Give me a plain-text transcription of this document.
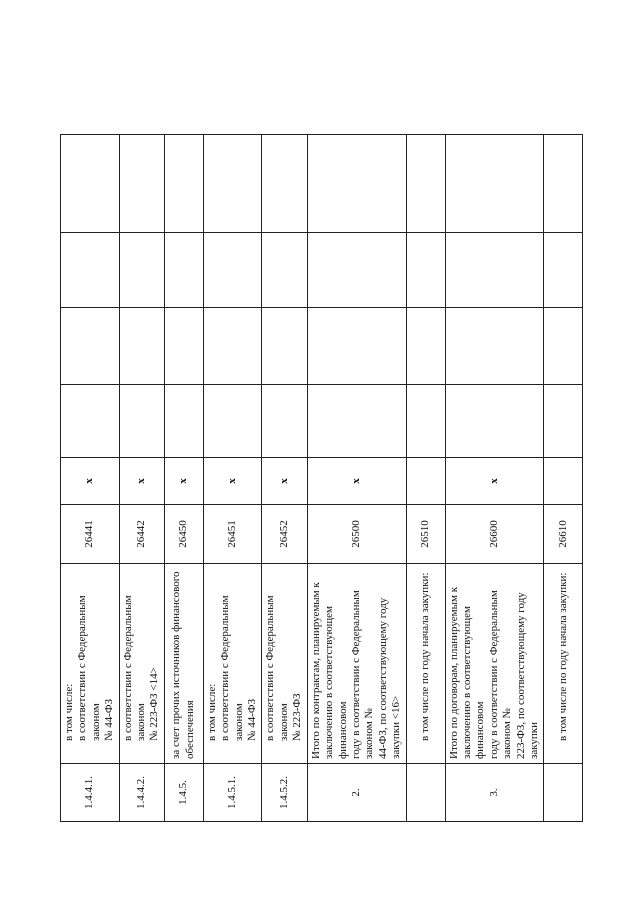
1.4.4.1.	в том числе:
в соответствии с Федеральным законом
№ 44-ФЗ	26441	x				
1.4.4.2.	в соответствии с Федеральным законом
№ 223-ФЗ <14>	26442	x				
1.4.5.	за счет прочих источников финансового
обеспечения	26450	x				
1.4.5.1.	в том числе:
в соответствии с Федеральным законом
№ 44-ФЗ	26451	x				
1.4.5.2.	в соответствии с Федеральным законом
№ 223-ФЗ	26452	x				
2.	Итого по контрактам, планируемым к
заключению в соответствующем финансовом
году в соответствии с Федеральным законом №
44-ФЗ, по соответствующему году закупки <16>	26500	x				
	в том числе по году начала закупки:	26510					
3.	Итого по договорам, планируемым к
заключению в соответствующем финансовом
году в соответствии с Федеральным законом №
223-ФЗ, по соответствующему году закупки	26600	x				
	в том числе по году начала закупки:	26610					
